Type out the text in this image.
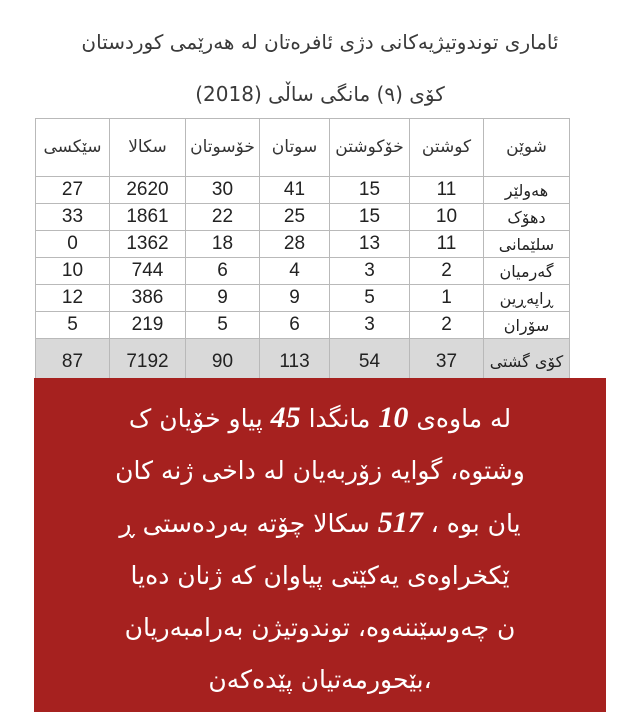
ئاماری توندوتیژیەکانی دژی ئافرەتان لە هەرێمی کوردستان
کۆی (٩) مانگی ساڵی (2018)
شوێن	کوشتن	خۆکوشتن	سوتان	خۆسوتان	سکالا	سێکسی
هەولێر	11	15	41	30	2620	27
دهۆک	10	15	25	22	1861	33
سلێمانی	11	13	28	18	1362	0
گەرمیان	2	3	4	6	744	10
ڕاپەڕین	1	5	9	9	386	12
سۆران	2	3	6	5	219	5
کۆی گشتی	37	54	113	90	7192	87
لە ماوەی 10 مانگدا 45 پیاو خۆیان ک
وشتوە، گوایە زۆربەیان لە داخی ژنە کان
یان بوە ، 517 سکالا چۆتە بەردەستی ڕ
ێکخراوەی یەکێتی پیاوان کە ژنان دەیا
ن چەوسێننەوە، توندوتیژن بەرامبەریان
،بێحورمەتیان پێدەکەن
